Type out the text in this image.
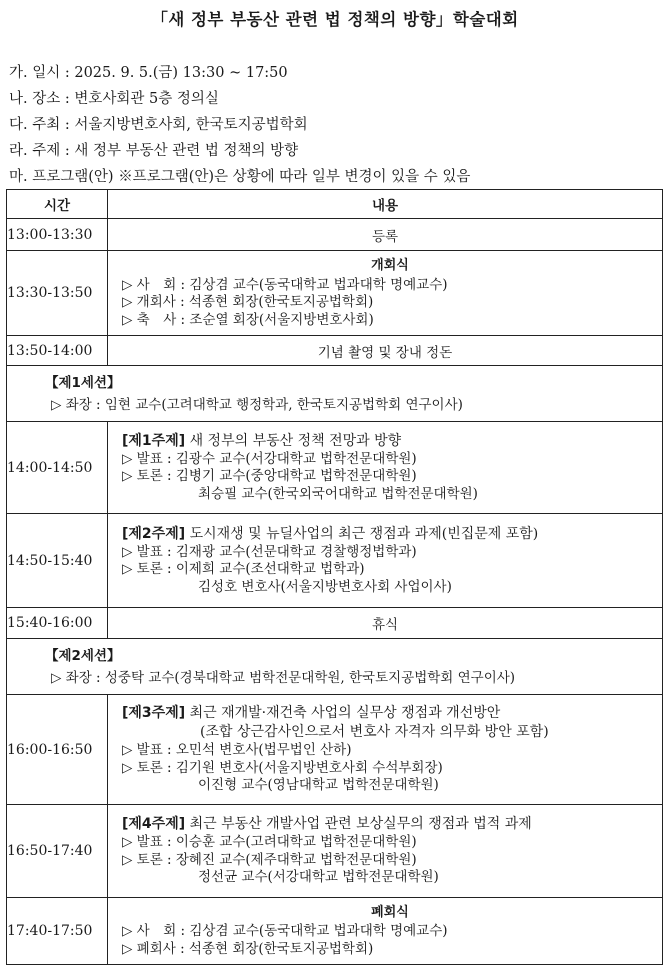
「새 정부 부동산 관련 법 정책의 방향」학술대회
가. 일시 : 2025. 9. 5.(금) 13:30 ~ 17:50
나. 장소 : 변호사회관 5층 정의실
다. 주최 : 서울지방변호사회, 한국토지공법학회
라. 주제 : 새 정부 부동산 관련 법 정책의 방향
마. 프로그램(안) ※프로그램(안)은 상황에 따라 일부 변경이 있을 수 있음
시간	내용
13:00-13:30	등록
13:30-13:50	개회식
▷ 사　회 : 김상겸 교수(동국대학교 법과대학 명예교수)
▷ 개회사 : 석종현 회장(한국토지공법학회)
▷ 축　사 : 조순열 회장(서울지방변호사회)

13:50-14:00	기념 촬영 및 장내 정돈

【제1세션】
▷ 좌장 : 임현 교수(고려대학교 행정학과, 한국토지공법학회 연구이사)	

14:00-14:50	[제1주제] 새 정부의 부동산 정책 전망과 방향
▷ 발표 : 김광수 교수(서강대학교 법학전문대학원)
▷ 토론 : 김병기 교수(중앙대학교 법학전문대학원)
최승필 교수(한국외국어대학교 법학전문대학원)

14:50-15:40	[제2주제] 도시재생 및 뉴딜사업의 최근 쟁점과 과제(빈집문제 포함)
▷ 발표 : 김재광 교수(선문대학교 경찰행정법학과)
▷ 토론 : 이제희 교수(조선대학교 법학과)
김성호 변호사(서울지방변호사회 사업이사)

15:40-16:00	휴식

【제2세션】
▷ 좌장 : 성중탁 교수(경북대학교 범학전문대학원, 한국토지공법학회 연구이사)	

16:00-16:50	[제3주제] 최근 재개발·재건축 사업의 실무상 쟁점과 개선방안
(조합 상근감사인으로서 변호사 자격자 의무화 방안 포함)
▷ 발표 : 오민석 변호사(법무법인 산하)
▷ 토론 : 김기원 변호사(서울지방변호사회 수석부회장)
이진형 교수(영남대학교 법학전문대학원)

16:50-17:40	[제4주제] 최근 부동산 개발사업 관련 보상실무의 쟁점과 법적 과제
▷ 발표 : 이승훈 교수(고려대학교 법학전문대학원)
▷ 토론 : 장혜진 교수(제주대학교 법학전문대학원)
정선균 교수(서강대학교 법학전문대학원)

17:40-17:50	폐회식
▷ 사　회 : 김상겸 교수(동국대학교 법과대학 명예교수)
▷ 폐회사 : 석종현 회장(한국토지공법학회)
